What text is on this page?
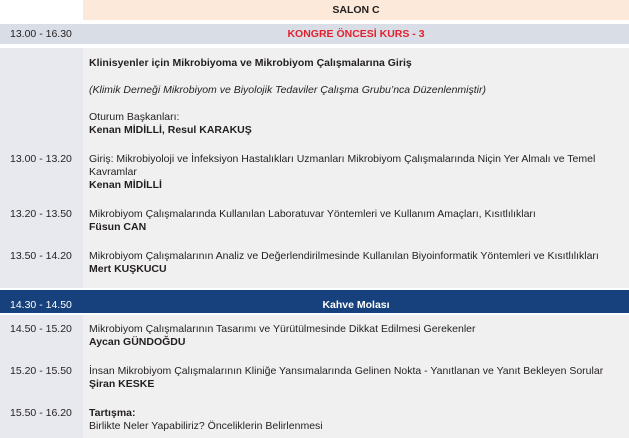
SALON C
13.00 - 16.30	KONGRE ÖNCESİ KURS - 3
Klinisyenler için Mikrobiyoma ve Mikrobiyom Çalışmalarına Giriş
(Klimik Derneği Mikrobiyom ve Biyolojik Tedaviler Çalışma Grubu’nca Düzenlenmiştir)
Oturum Başkanları:
Kenan MİDİLLİ, Resul KARAKUŞ
13.00 - 13.20 Giriş: Mikrobiyoloji ve İnfeksiyon Hastalıkları Uzmanları Mikrobiyom Çalışmalarında Niçin Yer Almalı ve Temel
Kavramlar
Kenan MİDİLLİ
13.20 - 13.50 Mikrobiyom Çalışmalarında Kullanılan Laboratuvar Yöntemleri ve Kullanım Amaçları, Kısıtlılıkları
Füsun CAN
13.50 - 14.20 Mikrobiyom Çalışmalarının Analiz ve Değerlendirilmesinde Kullanılan Biyoinformatik Yöntemleri ve Kısıtlılıkları
Mert KUŞKUCU
14.30 - 14.50	Kahve Molası
14.50 - 15.20 Mikrobiyom Çalışmalarının Tasarımı ve Yürütülmesinde Dikkat Edilmesi Gerekenler
Aycan GÜNDOĞDU
15.20 - 15.50 İnsan Mikrobiyom Çalışmalarının Kliniğe Yansımalarında Gelinen Nokta - Yanıtlanan ve Yanıt Bekleyen Sorular
Şiran KESKE
15.50 - 16.20 Tartışma:
Birlikte Neler Yapabiliriz? Önceliklerin Belirlenmesi
